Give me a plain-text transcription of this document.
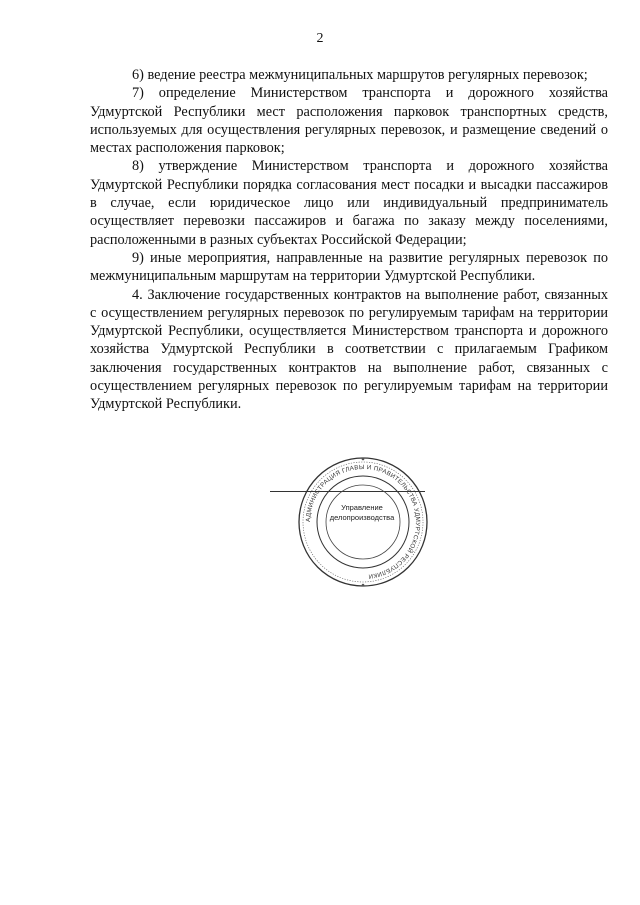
2

6) ведение реестра межмуниципальных маршрутов регулярных перевозок;

7) определение Министерством транспорта и дорожного хозяйства Удмуртской Республики мест расположения парковок транспортных средств, используемых для осуществления регулярных перевозок, и размещение сведений о местах расположения парковок;

8) утверждение Министерством транспорта и дорожного хозяйства Удмуртской Республики порядка согласования мест посадки и высадки пассажиров в случае, если юридическое лицо или индивидуальный предприниматель осуществляет перевозки пассажиров и багажа по заказу между поселениями, расположенными в разных субъектах Российской Федерации;

9) иные мероприятия, направленные на развитие регулярных перевозок по межмуниципальным маршрутам на территории Удмуртской Республики.

4. Заключение государственных контрактов на выполнение работ, связанных с осуществлением регулярных перевозок по регулируемым тарифам на территории Удмуртской Республики, осуществляется Министерством транспорта и дорожного хозяйства Удмуртской Республики в соответствии с прилагаемым Графиком заключения государственных контрактов на выполнение работ, связанных с осуществлением регулярных перевозок по регулируемым тарифам на территории Удмуртской Республики.

АДМИНИСТРАЦИЯ ГЛАВЫ И ПРАВИТЕЛЬСТВА УДМУРТСКОЙ РЕСПУБЛИКИ
Управление
делопроизводства
